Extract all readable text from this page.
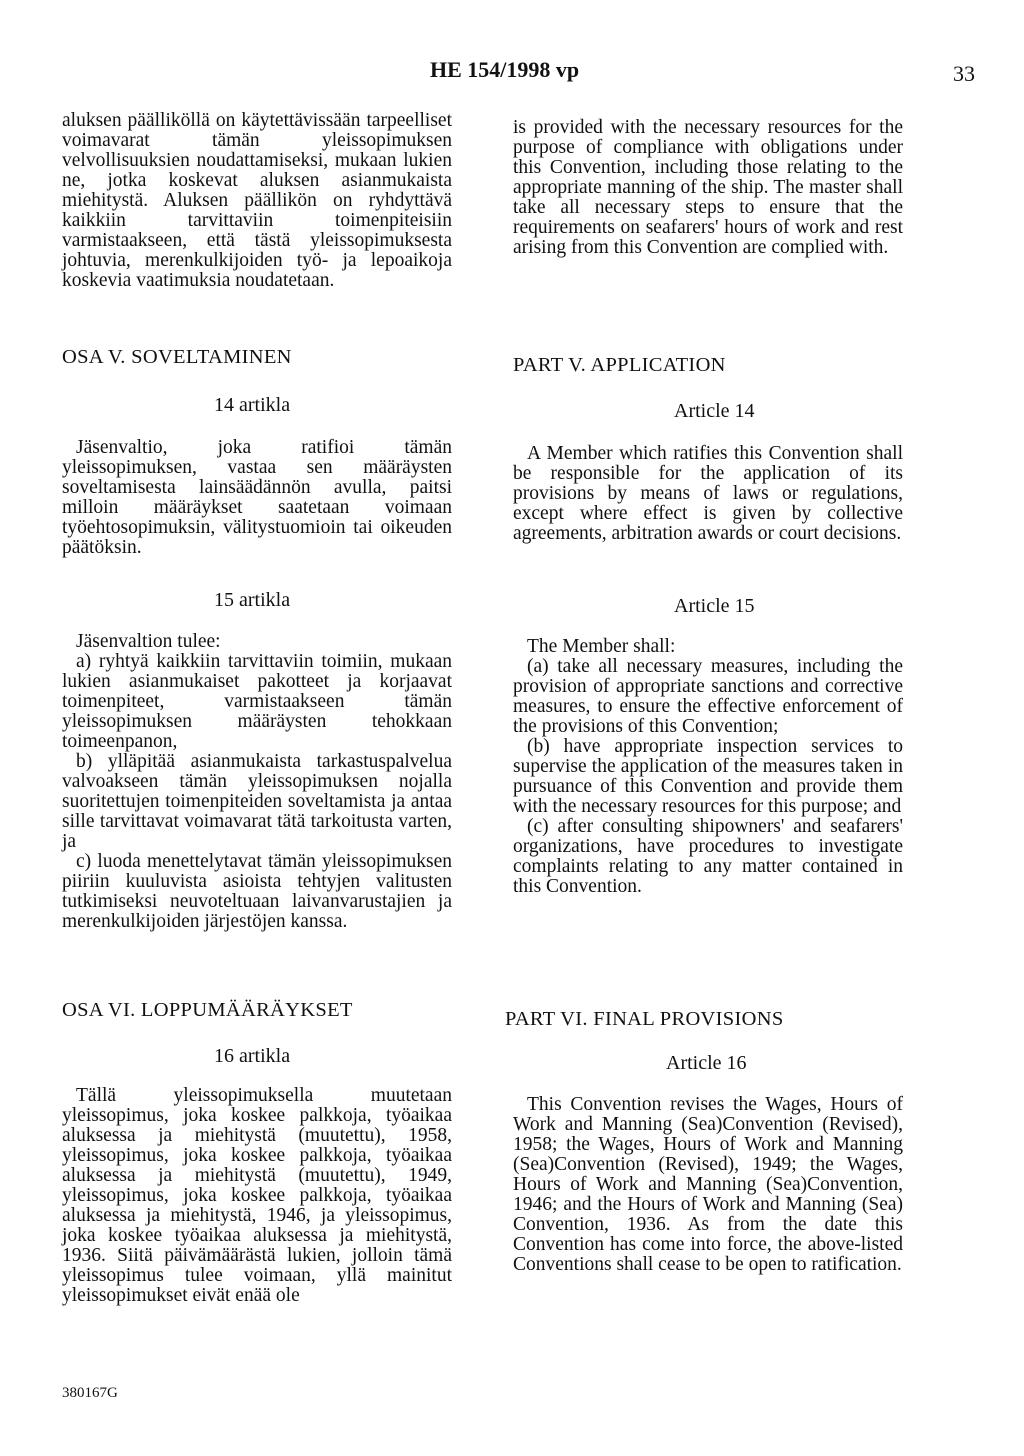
HE 154/1998 vp	33

aluksen päälliköllä on käytettävissään tarpeelliset voimavarat tämän yleissopimuksen velvollisuuksien noudattamiseksi, mukaan lukien ne, jotka koskevat aluksen asianmukaista miehitystä. Aluksen päällikön on ryhdyttävä kaikkiin tarvittaviin toimenpiteisiin varmistaakseen, että tästä yleissopimuksesta johtuvia, merenkulkijoiden työ- ja lepoaikoja koskevia vaatimuksia noudatetaan.

OSA V. SOVELTAMINEN
14 artikla

Jäsenvaltio, joka ratifioi tämän yleissopimuksen, vastaa sen määräysten soveltamisesta lainsäädännön avulla, paitsi milloin määräykset saatetaan voimaan työehtosopimuksin, välitystuomioin tai oikeuden päätöksin.

15 artikla

Jäsenvaltion tulee:

a) ryhtyä kaikkiin tarvittaviin toimiin, mukaan lukien asianmukaiset pakotteet ja korjaavat toimenpiteet, varmistaakseen tämän yleissopimuksen määräysten tehokkaan toimeenpanon,

b) ylläpitää asianmukaista tarkastuspalvelua valvoakseen tämän yleissopimuksen nojalla suoritettujen toimenpiteiden soveltamista ja antaa sille tarvittavat voimavarat tätä tarkoitusta varten, ja

c) luoda menettelytavat tämän yleissopimuksen piiriin kuuluvista asioista tehtyjen valitusten tutkimiseksi neuvoteltuaan laivanvarustajien ja merenkulkijoiden järjestöjen kanssa.

OSA VI. LOPPUMÄÄRÄYKSET
16 artikla

Tällä yleissopimuksella muutetaan yleissopimus, joka koskee palkkoja, työaikaa aluksessa ja miehitystä (muutettu), 1958, yleissopimus, joka koskee palkkoja, työaikaa aluksessa ja miehitystä (muutettu), 1949, yleissopimus, joka koskee palkkoja, työaikaa aluksessa ja miehitystä, 1946, ja yleissopimus, joka koskee työaikaa aluksessa ja miehitystä, 1936. Siitä päivämäärästä lukien, jolloin tämä yleissopimus tulee voimaan, yllä mainitut yleissopimukset eivät enää ole

is provided with the necessary resources for the purpose of compliance with obligations under this Convention, including those relating to the appropriate manning of the ship. The master shall take all necessary steps to ensure that the requirements on seafarers' hours of work and rest arising from this Convention are complied with.

PART V. APPLICATION
Article 14

A Member which ratifies this Convention shall be responsible for the application of its provisions by means of laws or regulations, except where effect is given by collective agreements, arbitration awards or court decisions.

Article 15

The Member shall:

(a) take all necessary measures, including the provision of appropriate sanctions and corrective measures, to ensure the effective enforcement of the provisions of this Convention;

(b) have appropriate inspection services to supervise the application of the measures taken in pursuance of this Convention and provide them with the necessary resources for this purpose; and

(c) after consulting shipowners' and seafarers' organizations, have procedures to investigate complaints relating to any matter contained in this Convention.

PART VI. FINAL PROVISIONS
Article 16

This Convention revises the Wages, Hours of Work and Manning (Sea)Convention (Revised), 1958; the Wages, Hours of Work and Manning (Sea)Convention (Revised), 1949; the Wages, Hours of Work and Manning (Sea)Convention, 1946; and the Hours of Work and Manning (Sea) Convention, 1936. As from the date this Convention has come into force, the above-listed Conventions shall cease to be open to ratification.

380167G
